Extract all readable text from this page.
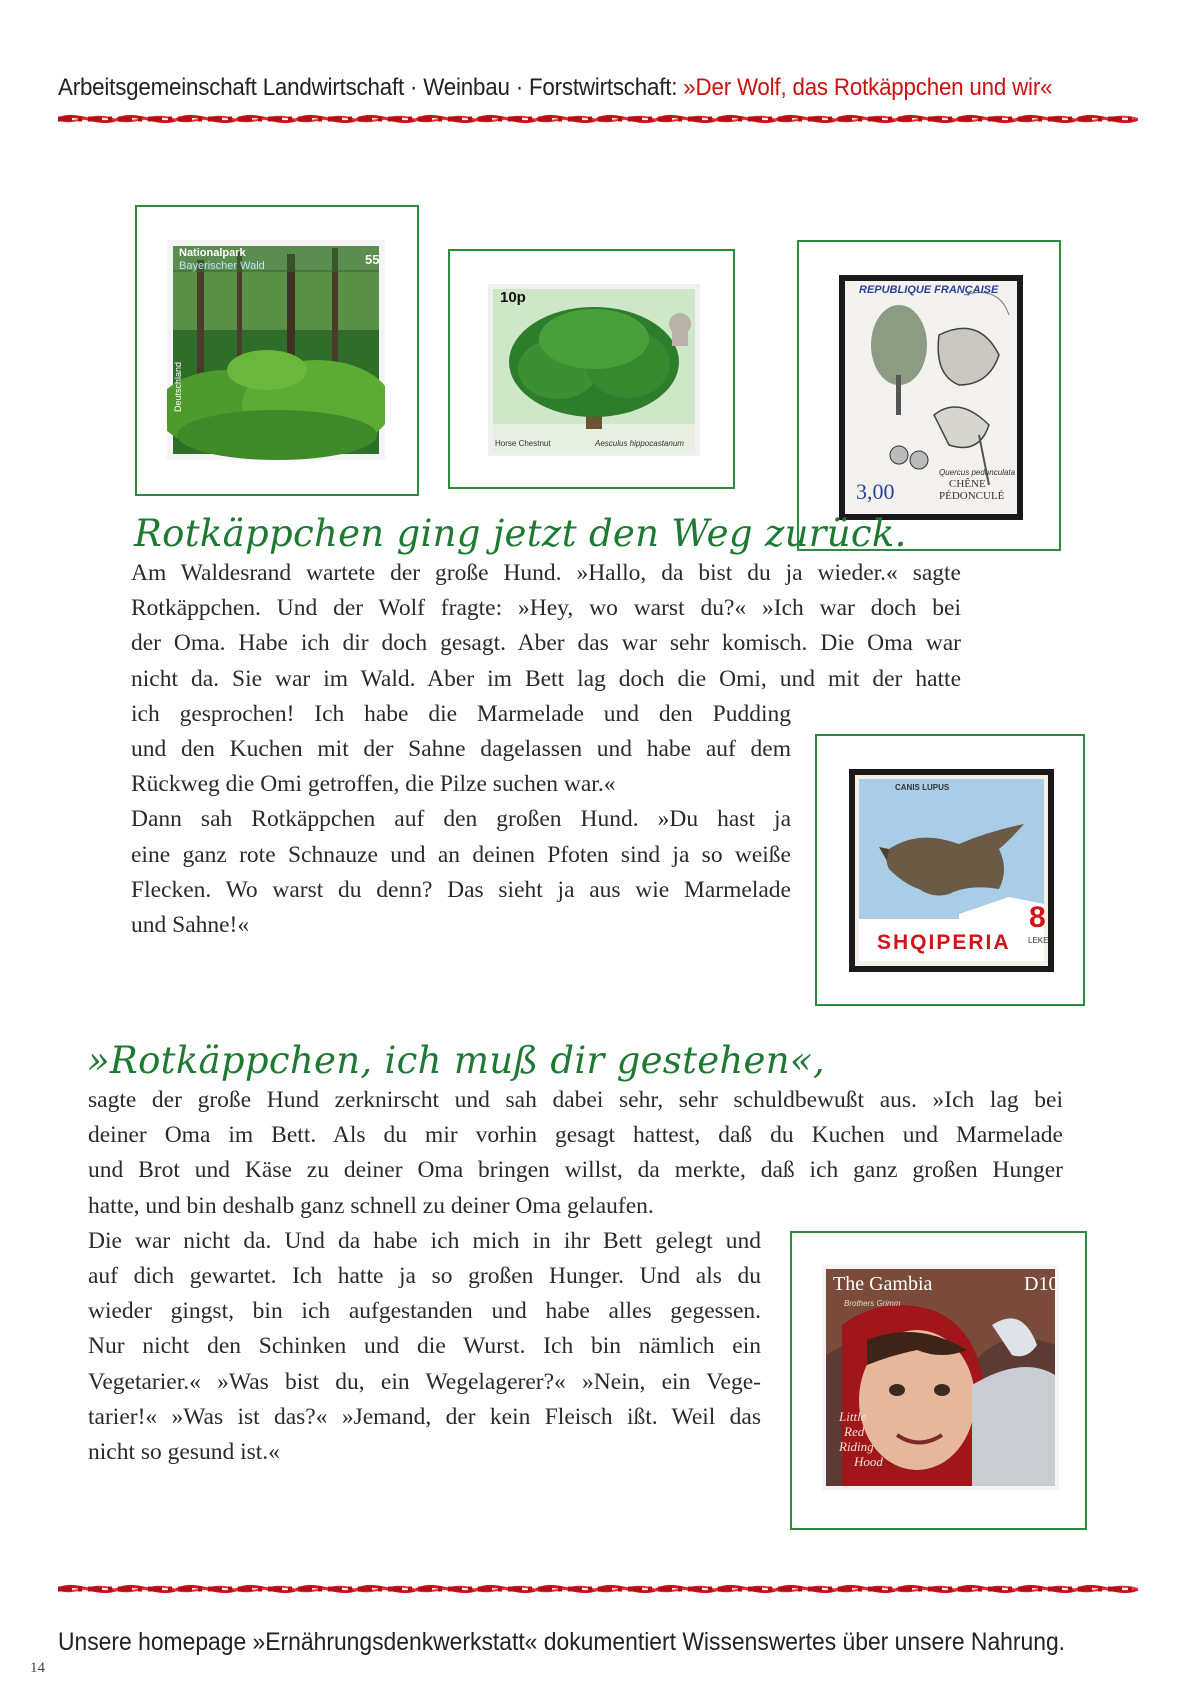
Arbeitsgemeinschaft Landwirtschaft · Weinbau · Forstwirtschaft: »Der Wolf, das Rotkäppchen und wir«
Nationalpark
Bayerischer Wald	55
Deutschland
10p
Horse Chestnut	Aesculus hippocastanum
REPUBLIQUE FRANÇAISE
Quercus pedunculata
CHÊNE
PÉDONCULÉ
3,00
Rotkäppchen ging jetzt den Weg zurück.
Am Waldesrand wartete der große Hund. »Hallo, da bist du ja wieder.« sagte
Rotkäppchen. Und der Wolf fragte: »Hey, wo warst du?« »Ich war doch bei
der Oma. Habe ich dir doch gesagt. Aber das war sehr komisch. Die Oma war
nicht da. Sie war im Wald. Aber im Bett lag doch die Omi, und mit der hatte
ich gesprochen! Ich habe die Marmelade und den Pudding
und den Kuchen mit der Sahne dagelassen und habe auf dem
Rückweg die Omi getroffen, die Pilze suchen war.«
Dann sah Rotkäppchen auf den großen Hund. »Du hast ja
eine ganz rote Schnauze und an deinen Pfoten sind ja so weiße
Flecken. Wo warst du denn? Das sieht ja aus wie Marmelade
und Sahne!«
CANIS LUPUS
SHQIPERIA
8
LEKE
»Rotkäppchen, ich muß dir gestehen«,
sagte der große Hund zerknirscht und sah dabei sehr, sehr schuldbewußt aus. »Ich lag bei
deiner Oma im Bett. Als du mir vorhin gesagt hattest, daß du Kuchen und Marmelade
und Brot und Käse zu deiner Oma bringen willst, da merkte, daß ich ganz großen Hunger
hatte, und bin deshalb ganz schnell zu deiner Oma gelaufen.
Die war nicht da. Und da habe ich mich in ihr Bett gelegt und
auf dich gewartet. Ich hatte ja so großen Hunger. Und als du
wieder gingst, bin ich aufgestanden und habe alles gegessen.
Nur nicht den Schinken und die Wurst. Ich bin nämlich ein
Vegetarier.« »Was bist du, ein Wegelagerer?« »Nein, ein Vege-
tarier!« »Was ist das?« »Jemand, der kein Fleisch ißt. Weil das
nicht so gesund ist.«
The Gambia	D10
Brothers Grimm
Little
Red
Riding
Hood
Unsere homepage »Ernährungsdenkwerkstatt« dokumentiert Wissenswertes über unsere Nahrung.
14
